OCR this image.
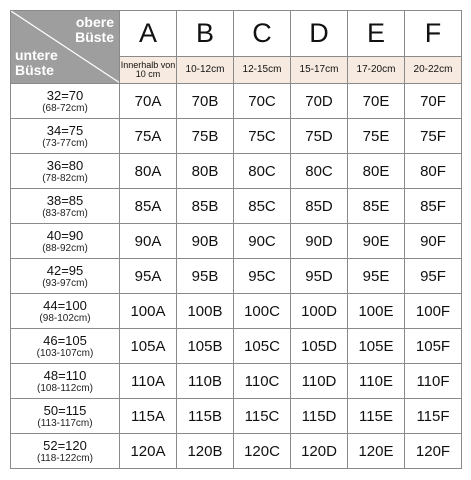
obere
Büste
untere
Büste	A	B	C	D	E	F
	Innerhalb von 10 cm	10-12cm	12-15cm	15-17cm	17-20cm	20-22cm

32=70
(68-72cm)	70A	70B	70C	70D	70E	70F

34=75
(73-77cm)	75A	75B	75C	75D	75E	75F

36=80
(78-82cm)	80A	80B	80C	80C	80E	80F

38=85
(83-87cm)	85A	85B	85C	85D	85E	85F

40=90
(88-92cm)	90A	90B	90C	90D	90E	90F

42=95
(93-97cm)	95A	95B	95C	95D	95E	95F

44=100
(98-102cm)	100A	100B	100C	100D	100E	100F

46=105
(103-107cm)	105A	105B	105C	105D	105E	105F

48=110
(108-112cm)	110A	110B	110C	110D	110E	110F

50=115
(113-117cm)	115A	115B	115C	115D	115E	115F

52=120
(118-122cm)	120A	120B	120C	120D	120E	120F
